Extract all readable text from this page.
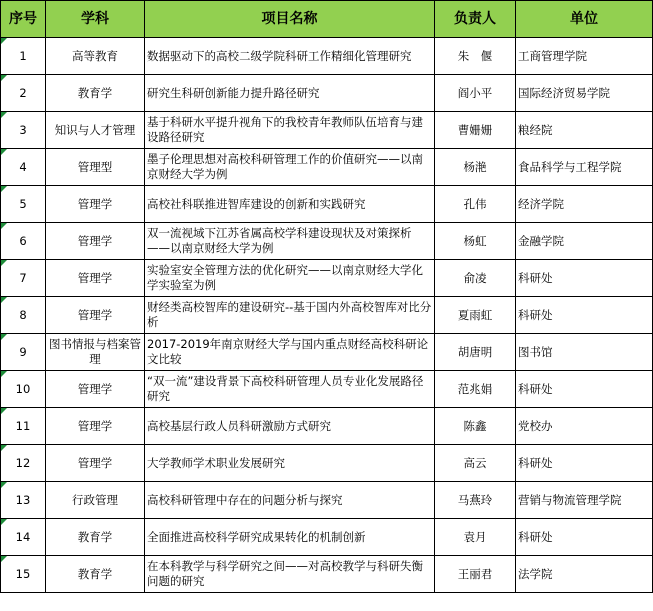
序号	学科	项目名称	负责人	单位
1	高等教育	数据驱动下的高校二级学院科研工作精细化管理研究	朱　偃	工商管理学院
2	教育学	研究生科研创新能力提升路径研究	阎小平	国际经济贸易学院
3	知识与人才管理	基于科研水平提升视角下的我校青年教师队伍培育与建设路径研究	曹姗姗	粮经院
4	管理型	墨子伦理思想对高校科研管理工作的价值研究——以南京财经大学为例	杨滟	食品科学与工程学院
5	管理学	高校社科联推进智库建设的创新和实践研究	孔伟	经济学院
6	管理学	双一流视域下江苏省属高校学科建设现状及对策探析——以南京财经大学为例	杨虹	金融学院
7	管理学	实验室安全管理方法的优化研究——以南京财经大学化学实验室为例	俞凌	科研处
8	管理学	财经类高校智库的建设研究--基于国内外高校智库对比分析	夏雨虹	科研处
9	图书情报与档案管理	2017-2019年南京财经大学与国内重点财经高校科研论文比较	胡唐明	图书馆
10	管理学	“双一流”建设背景下高校科研管理人员专业化发展路径研究	范兆娟	科研处
11	管理学	高校基层行政人员科研激励方式研究	陈鑫	党校办
12	管理学	大学教师学术职业发展研究	高云	科研处
13	行政管理	高校科研管理中存在的问题分析与探究	马燕玲	营销与物流管理学院
14	教育学	全面推进高校科学研究成果转化的机制创新	袁月	科研处
15	教育学	在本科教学与科学研究之间——对高校教学与科研失衡问题的研究	王丽君	法学院
